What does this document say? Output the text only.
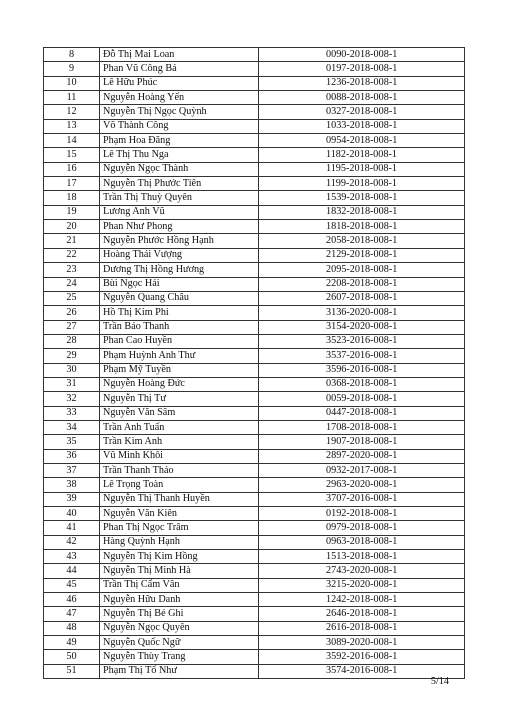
8	Đỗ Thị Mai Loan	0090-2018-008-1
9	Phan Vũ Công Bá	0197-2018-008-1
10	Lê Hữu Phúc	1236-2018-008-1
11	Nguyễn Hoàng Yến	0088-2018-008-1
12	Nguyễn Thị Ngọc Quỳnh	0327-2018-008-1
13	Võ Thành Công	1033-2018-008-1
14	Phạm Hoa Đăng	0954-2018-008-1
15	Lê Thị Thu Nga	1182-2018-008-1
16	Nguyễn Ngọc Thành	1195-2018-008-1
17	Nguyễn Thị Phước Tiên	1199-2018-008-1
18	Trần Thị Thuỳ Quyên	1539-2018-008-1
19	Lương Anh Vũ	1832-2018-008-1
20	Phan Như Phong	1818-2018-008-1
21	Nguyễn Phước Hồng Hạnh	2058-2018-008-1
22	Hoàng Thái Vượng	2129-2018-008-1
23	Dương Thị Hồng Hương	2095-2018-008-1
24	Bùi Ngọc Hải	2208-2018-008-1
25	Nguyễn Quang Châu	2607-2018-008-1
26	Hồ Thị Kim Phi	3136-2020-008-1
27	Trần Bảo Thanh	3154-2020-008-1
28	Phan Cao Huyền	3523-2016-008-1
29	Phạm Huỳnh Anh Thư	3537-2016-008-1
30	Phạm Mỹ Tuyền	3596-2016-008-1
31	Nguyễn Hoàng Đức	0368-2018-008-1
32	Nguyễn Thị Tư	0059-2018-008-1
33	Nguyễn Văn Sâm	0447-2018-008-1
34	Trần Anh Tuấn	1708-2018-008-1
35	Trần Kim Anh	1907-2018-008-1
36	Vũ Minh Khôi	2897-2020-008-1
37	Trần Thanh Thảo	0932-2017-008-1
38	Lê Trọng Toàn	2963-2020-008-1
39	Nguyễn Thị Thanh Huyền	3707-2016-008-1
40	Nguyễn Văn Kiên	0192-2018-008-1
41	Phan Thị Ngọc Trâm	0979-2018-008-1
42	Hàng Quỳnh Hạnh	0963-2018-008-1
43	Nguyễn Thị Kim Hồng	1513-2018-008-1
44	Nguyễn Thị Minh Hà	2743-2020-008-1
45	Trần Thị Cẩm Vân	3215-2020-008-1
46	Nguyễn Hữu Danh	1242-2018-008-1
47	Nguyễn Thị Bé Ghi	2646-2018-008-1
48	Nguyễn Ngọc Quyên	2616-2018-008-1
49	Nguyễn Quốc Ngữ	3089-2020-008-1
50	Nguyễn Thùy Trang	3592-2016-008-1
51	Phạm Thị Tố Như	3574-2016-008-1
5/14
